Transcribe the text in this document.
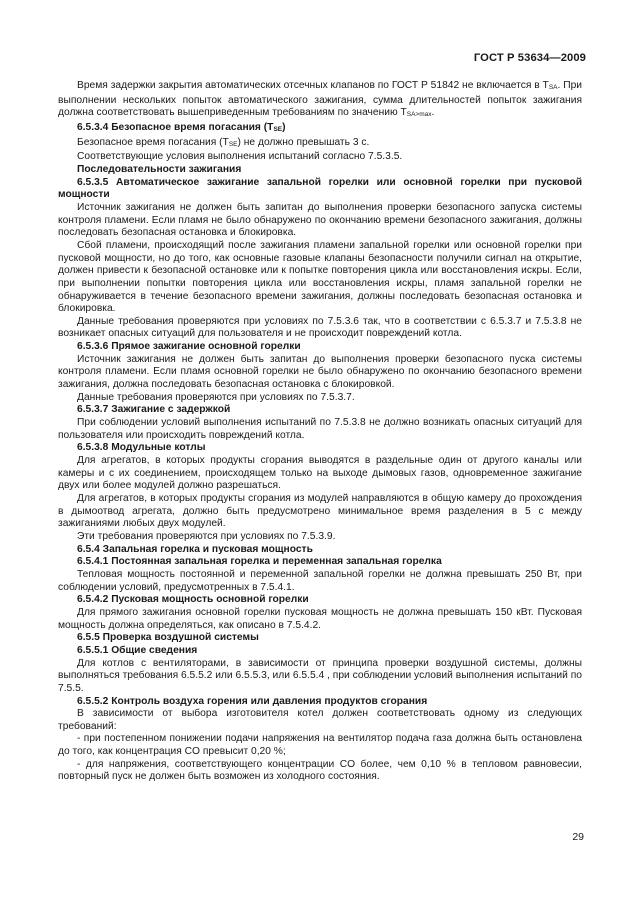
ГОСТ Р 53634—2009

Время задержки закрытия автоматических отсечных клапанов по ГОСТ Р 51842 не включается в TSA. При выполнении нескольких попыток автоматического зажигания, сумма длительностей попыток зажигания должна соответствовать вышеприведенным требованиям по значению TSA>max.

6.5.3.4 Безопасное время погасания (TSE)

Безопасное время погасания (TSE) не должно превышать 3 с.

Соответствующие условия выполнения испытаний согласно 7.5.3.5.

Последовательности зажигания

6.5.3.5 Автоматическое зажигание запальной горелки или основной горелки при пусковой мощности

Источник зажигания не должен быть запитан до выполнения проверки безопасного запуска системы контроля пламени. Если пламя не было обнаружено по окончанию времени безопасного зажигания, должны последовать безопасная остановка и блокировка.

Сбой пламени, происходящий после зажигания пламени запальной горелки или основной горелки при пусковой мощности, но до того, как основные газовые клапаны безопасности получили сигнал на открытие, должен привести к безопасной остановке или к попытке повторения цикла или восстановления искры. Если, при выполнении попытки повторения цикла или восстановления искры, пламя запальной горелки не обнаруживается в течение безопасного времени зажигания, должны последовать безопасная остановка и блокировка.

Данные требования проверяются при условиях по 7.5.3.6 так, что в соответствии с 6.5.3.7 и 7.5.3.8 не возникает опасных ситуаций для пользователя и не происходит повреждений котла.

6.5.3.6 Прямое зажигание основной горелки

Источник зажигания не должен быть запитан до выполнения проверки безопасного пуска системы контроля пламени. Если пламя основной горелки не было обнаружено по окончанию безопасного времени зажигания, должна последовать безопасная остановка с блокировкой.

Данные требования проверяются при условиях по 7.5.3.7.

6.5.3.7 Зажигание с задержкой

При соблюдении условий выполнения испытаний по 7.5.3.8 не должно возникать опасных ситуаций для пользователя или происходить повреждений котла.

6.5.3.8 Модульные котлы

Для агрегатов, в которых продукты сгорания выводятся в раздельные один от другого каналы или камеры и с их соединением, происходящем только на выходе дымовых газов, одновременное зажигание двух или более модулей должно разрешаться.

Для агрегатов, в которых продукты сгорания из модулей направляются в общую камеру до прохождения в дымоотвод агрегата, должно быть предусмотрено минимальное время разделения в 5 с между зажиганиями любых двух модулей.

Эти требования проверяются при условиях по 7.5.3.9.

6.5.4 Запальная горелка и пусковая мощность

6.5.4.1 Постоянная запальная горелка и переменная запальная горелка

Тепловая мощность постоянной и переменной запальной горелки не должна превышать 250 Вт, при соблюдении условий, предусмотренных в 7.5.4.1.

6.5.4.2 Пусковая мощность основной горелки

Для прямого зажигания основной горелки пусковая мощность не должна превышать 150 кВт. Пусковая мощность должна определяться, как описано в 7.5.4.2.

6.5.5 Проверка воздушной системы

6.5.5.1 Общие сведения

Для котлов с вентиляторами, в зависимости от принципа проверки воздушной системы, должны выполняться требования 6.5.5.2 или 6.5.5.3, или 6.5.5.4 , при соблюдении условий выполнения испытаний по 7.5.5.

6.5.5.2 Контроль воздуха горения или давления продуктов сгорания

В зависимости от выбора изготовителя котел должен соответствовать одному из следующих требований:

- при постепенном понижении подачи напряжения на вентилятор подача газа должна быть остановлена до того, как концентрация CO превысит 0,20 %;

- для напряжения, соответствующего концентрации CO более, чем 0,10 % в тепловом равновесии, повторный пуск не должен быть возможен из холодного состояния.

29
